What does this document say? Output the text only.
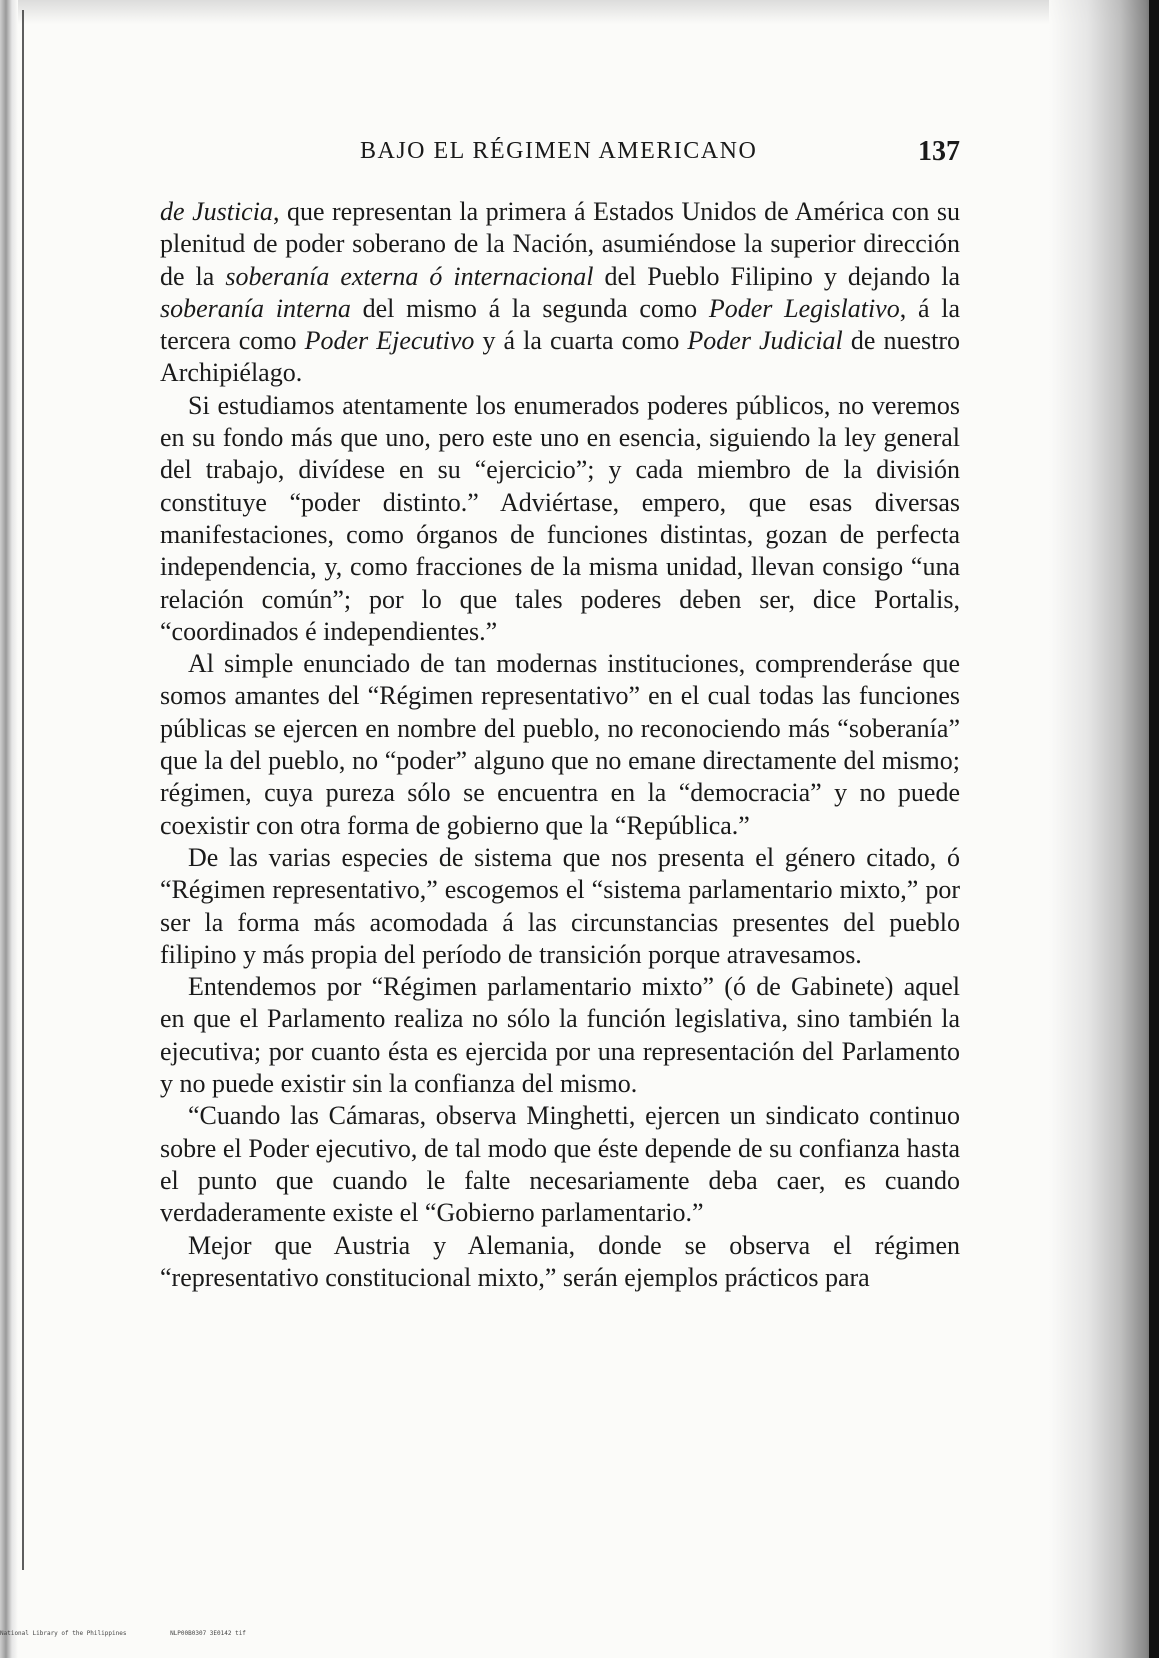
BAJO EL RÉGIMEN AMERICANO	137

de Justicia, que representan la primera á Estados Unidos de América con su plenitud de poder soberano de la Nación, asumiéndose la superior dirección de la soberanía externa ó internacional del Pueblo Filipino y dejando la soberanía interna del mismo á la segunda como Poder Legislativo, á la tercera como Poder Ejecutivo y á la cuarta como Poder Judicial de nuestro Archipiélago.

Si estudiamos atentamente los enumerados poderes públicos, no veremos en su fondo más que uno, pero este uno en esencia, siguiendo la ley general del trabajo, divídese en su “ejercicio”; y cada miembro de la división constituye “poder distinto.” Adviértase, empero, que esas diversas manifestaciones, como órganos de funciones distintas, gozan de perfecta independencia, y, como fracciones de la misma unidad, llevan consigo “una relación común”; por lo que tales poderes deben ser, dice Portalis, “coordinados é independientes.”

Al simple enunciado de tan modernas instituciones, comprenderáse que somos amantes del “Régimen representativo” en el cual todas las funciones públicas se ejercen en nombre del pueblo, no reconociendo más “soberanía” que la del pueblo, no “poder” alguno que no emane directamente del mismo; régimen, cuya pureza sólo se encuentra en la “democracia” y no puede coexistir con otra forma de gobierno que la “República.”

De las varias especies de sistema que nos presenta el género citado, ó “Régimen representativo,” escogemos el “sistema parlamentario mixto,” por ser la forma más acomodada á las circunstancias presentes del pueblo filipino y más propia del período de transición porque atravesamos.

Entendemos por “Régimen parlamentario mixto” (ó de Gabinete) aquel en que el Parlamento realiza no sólo la función legislativa, sino también la ejecutiva; por cuanto ésta es ejercida por una representación del Parlamento y no puede existir sin la confianza del mismo.

“Cuando las Cámaras, observa Minghetti, ejercen un sindicato continuo sobre el Poder ejecutivo, de tal modo que éste depende de su confianza hasta el punto que cuando le falte necesariamente deba caer, es cuando verdaderamente existe el “Gobierno parlamentario.”

Mejor que Austria y Alemania, donde se observa el régimen “representativo constitucional mixto,” serán ejemplos prácticos para

National Library of the Philippines	NLP00B0307 3E0142 tif
